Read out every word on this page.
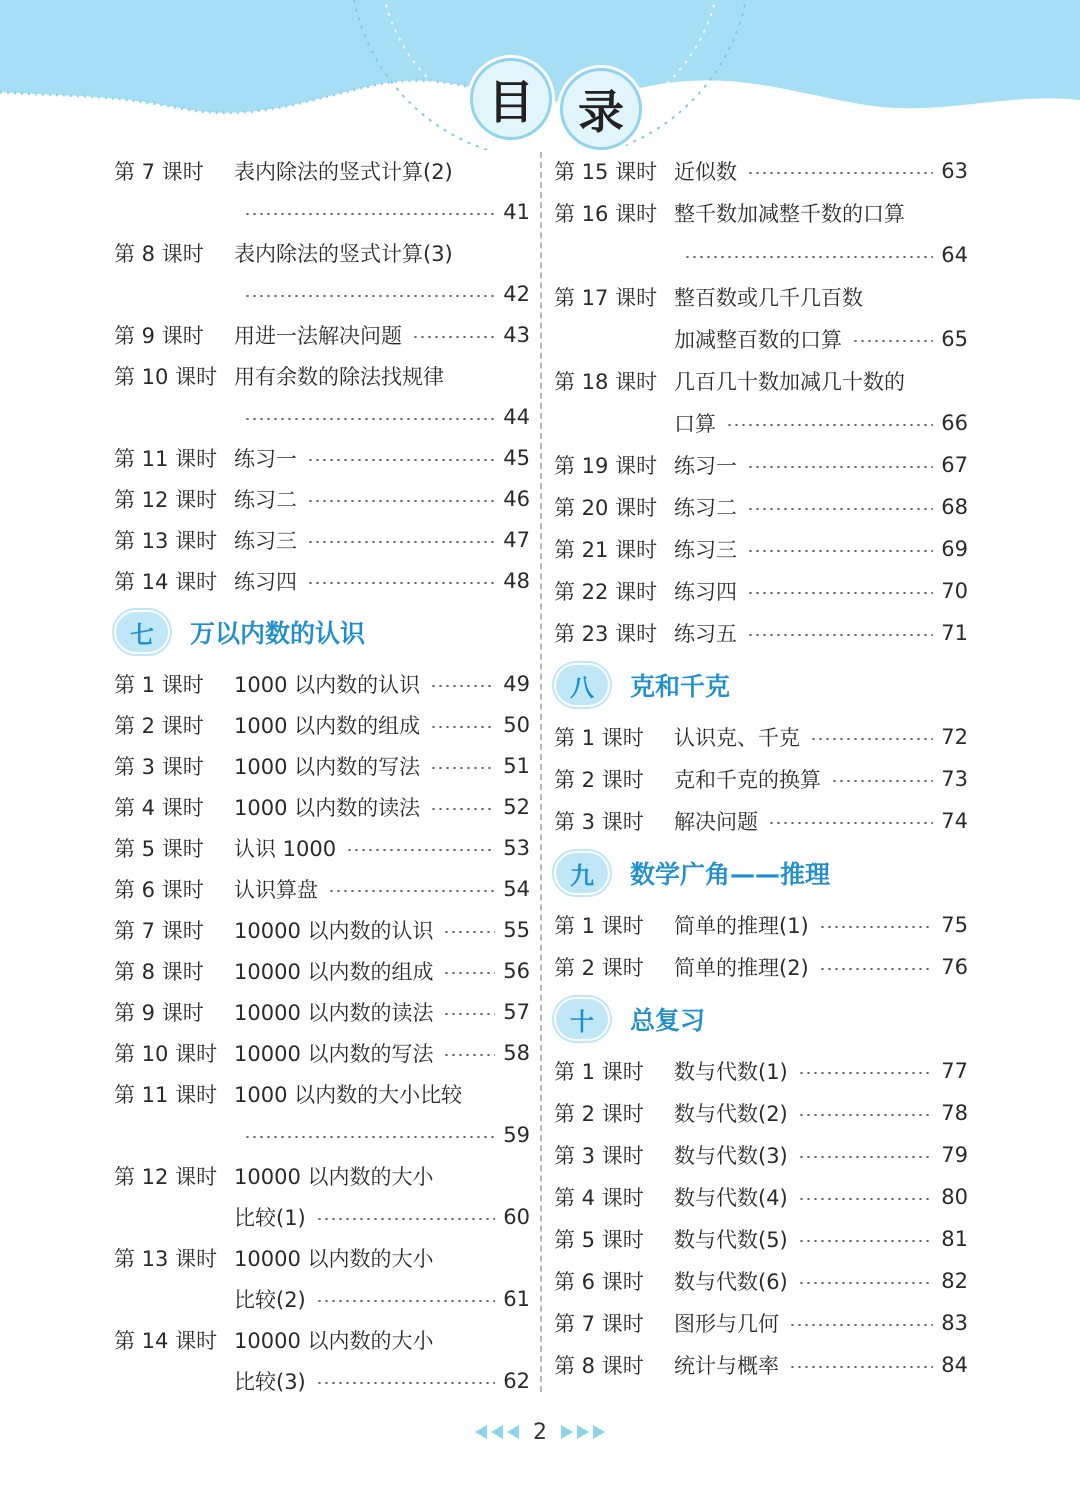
目 录
第 7 课时	表内除法的竖式计算(2)
41
第 8 课时	表内除法的竖式计算(3)
42
第 9 课时	用进一法解决问题	43
第 10 课时 用有余数的除法找规律
44
第 11 课时 练习一	45
第 12 课时 练习二	46
第 13 课时 练习三	47
第 14 课时 练习四	48
七	万以内数的认识
第 1 课时	1000 以内数的认识	49
第 2 课时	1000 以内数的组成	50
第 3 课时	1000 以内数的写法	51
第 4 课时	1000 以内数的读法	52
第 5 课时	认识 1000	53
第 6 课时	认识算盘	54
第 7 课时	10000 以内数的认识	55
第 8 课时	10000 以内数的组成	56
第 9 课时	10000 以内数的读法	57
第 10 课时 10000 以内数的写法	58
第 11 课时 1000 以内数的大小比较
59
第 12 课时 10000 以内数的大小
比较(1)	60
第 13 课时 10000 以内数的大小
比较(2)	61
第 14 课时 10000 以内数的大小
比较(3)	62
第 15 课时 近似数	63
第 16 课时 整千数加减整千数的口算
64
第 17 课时 整百数或几千几百数
加减整百数的口算	65
第 18 课时 几百几十数加减几十数的
口算	66
第 19 课时 练习一	67
第 20 课时 练习二	68
第 21 课时 练习三	69
第 22 课时 练习四	70
第 23 课时 练习五	71
八	克和千克
第 1 课时	认识克、千克	72
第 2 课时	克和千克的换算	73
第 3 课时	解决问题	74
九	数学广角——推理
第 1 课时	简单的推理(1)	75
第 2 课时	简单的推理(2)	76
十	总复习
第 1 课时	数与代数(1)	77
第 2 课时	数与代数(2)	78
第 3 课时	数与代数(3)	79
第 4 课时	数与代数(4)	80
第 5 课时	数与代数(5)	81
第 6 课时	数与代数(6)	82
第 7 课时	图形与几何	83
第 8 课时	统计与概率	84
2
